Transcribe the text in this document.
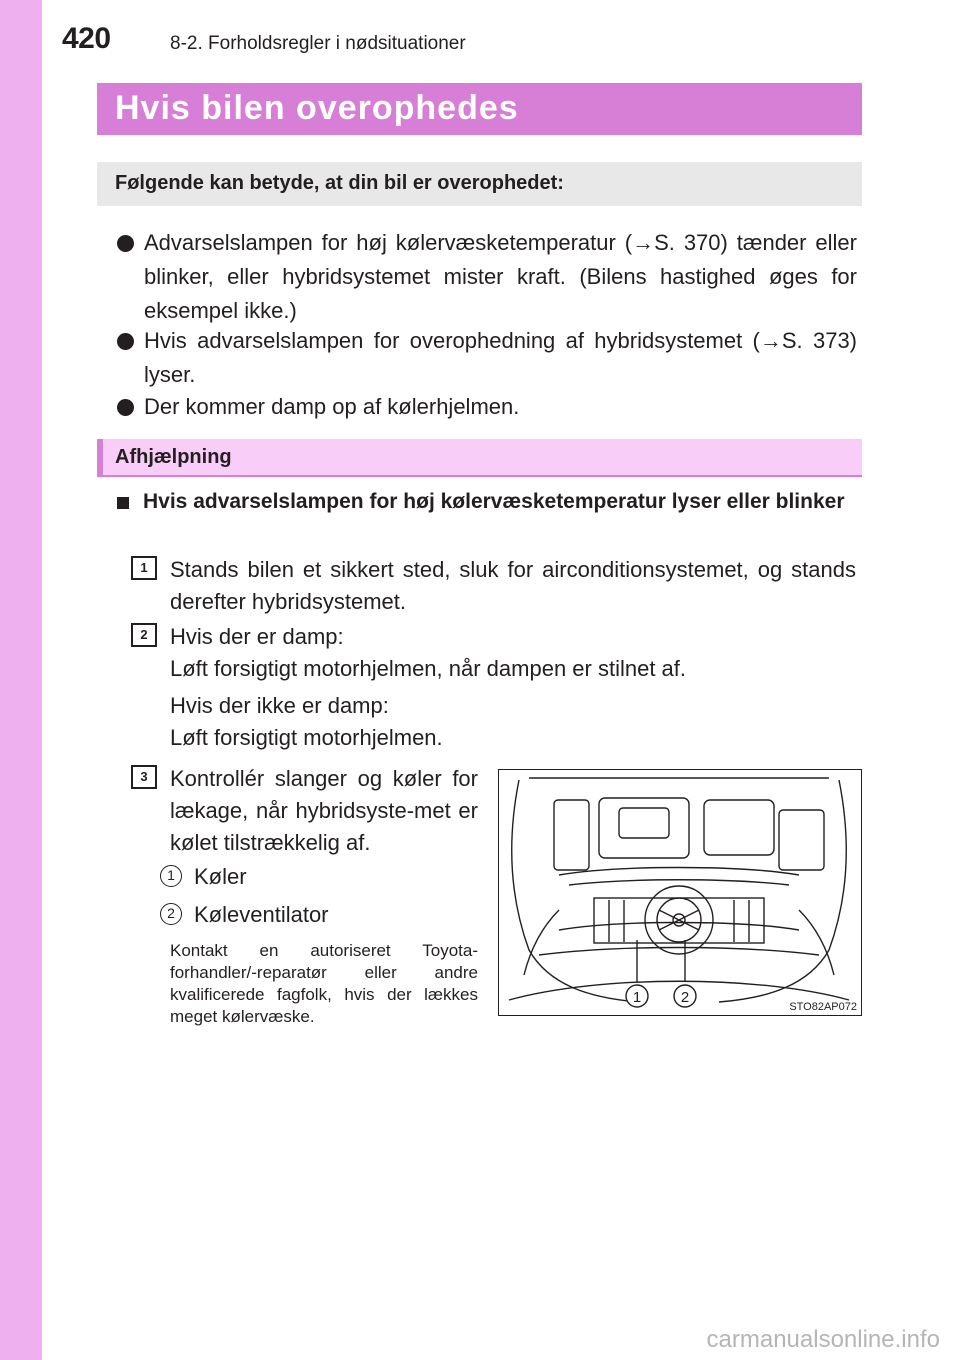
420	8-2. Forholdsregler i nødsituationer
Hvis bilen overophedes
Følgende kan betyde, at din bil er overophedet:
Advarselslampen for høj kølervæsketemperatur (→S. 370) tænder eller blinker, eller hybridsystemet mister kraft. (Bilens hastighed øges for eksempel ikke.)
Hvis advarselslampen for overophedning af hybridsystemet (→S. 373) lyser.
Der kommer damp op af kølerhjelmen.
Afhjælpning
Hvis advarselslampen for høj kølervæsketemperatur lyser eller blinker
1	Stands bilen et sikkert sted, sluk for airconditionsystemet, og stands derefter hybridsystemet.
2	Hvis der er damp:
Løft forsigtigt motorhjelmen, når dampen er stilnet af.
Hvis der ikke er damp:
Løft forsigtigt motorhjelmen.
3	Kontrollér slanger og køler for lækage, når hybridsyste-met er kølet tilstrækkelig af.
1 Køler
2 Køleventilator
Kontakt en autoriseret Toyota-forhandler/-reparatør eller andre kvalificerede fagfolk, hvis der lækkes meget kølervæske.
1	2
STO82AP072
carmanualsonline.info
